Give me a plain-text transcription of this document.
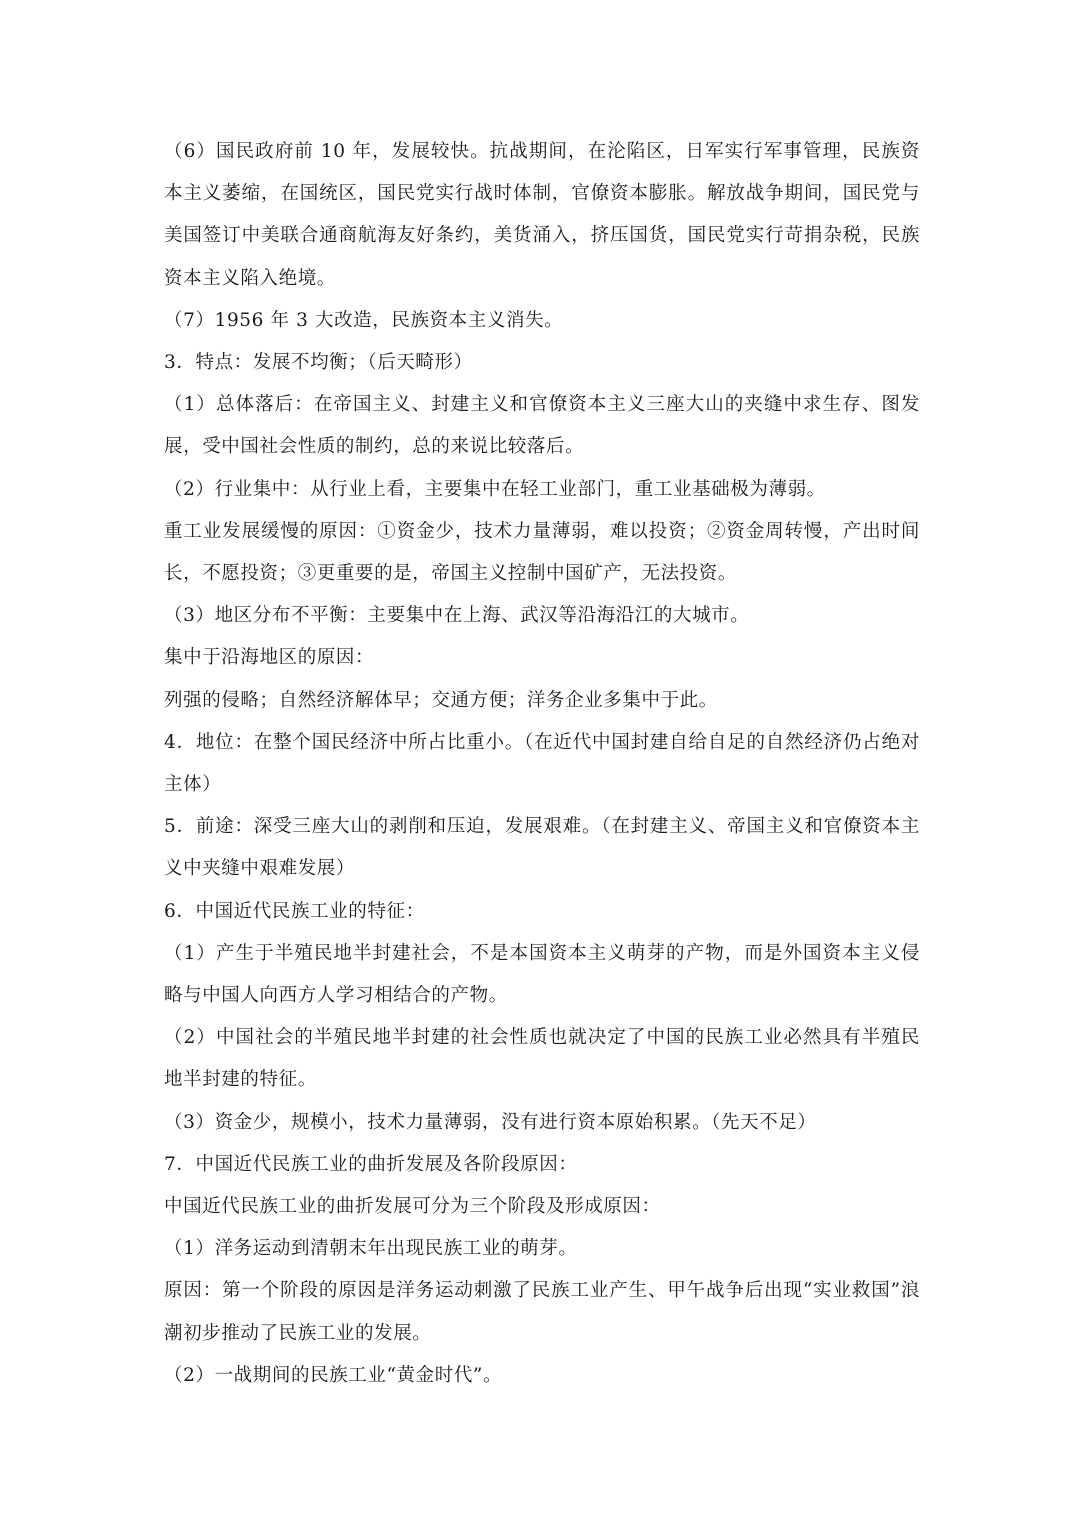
（6）国民政府前 10 年，发展较快。抗战期间，在沦陷区，日军实行军事管理，民族资本主义萎缩，在国统区，国民党实行战时体制，官僚资本膨胀。解放战争期间，国民党与美国签订中美联合通商航海友好条约，美货涌入，挤压国货，国民党实行苛捐杂税，民族资本主义陷入绝境。

（7）1956 年 3 大改造，民族资本主义消失。

3．特点：发展不均衡；（后天畸形）

（1）总体落后：在帝国主义、封建主义和官僚资本主义三座大山的夹缝中求生存、图发展，受中国社会性质的制约，总的来说比较落后。

（2）行业集中：从行业上看，主要集中在轻工业部门，重工业基础极为薄弱。

重工业发展缓慢的原因：①资金少，技术力量薄弱，难以投资；②资金周转慢，产出时间长，不愿投资；③更重要的是，帝国主义控制中国矿产，无法投资。

（3）地区分布不平衡：主要集中在上海、武汉等沿海沿江的大城市。

集中于沿海地区的原因：

列强的侵略；自然经济解体早；交通方便；洋务企业多集中于此。

4．地位：在整个国民经济中所占比重小。（在近代中国封建自给自足的自然经济仍占绝对主体）

5．前途：深受三座大山的剥削和压迫，发展艰难。（在封建主义、帝国主义和官僚资本主义中夹缝中艰难发展）

6．中国近代民族工业的特征：

（1）产生于半殖民地半封建社会，不是本国资本主义萌芽的产物，而是外国资本主义侵略与中国人向西方人学习相结合的产物。

（2）中国社会的半殖民地半封建的社会性质也就决定了中国的民族工业必然具有半殖民地半封建的特征。

（3）资金少，规模小，技术力量薄弱，没有进行资本原始积累。（先天不足）

7．中国近代民族工业的曲折发展及各阶段原因：

中国近代民族工业的曲折发展可分为三个阶段及形成原因：

（1）洋务运动到清朝末年出现民族工业的萌芽。

原因：第一个阶段的原因是洋务运动刺激了民族工业产生、甲午战争后出现“实业救国”浪潮初步推动了民族工业的发展。

（2）一战期间的民族工业“黄金时代”。
